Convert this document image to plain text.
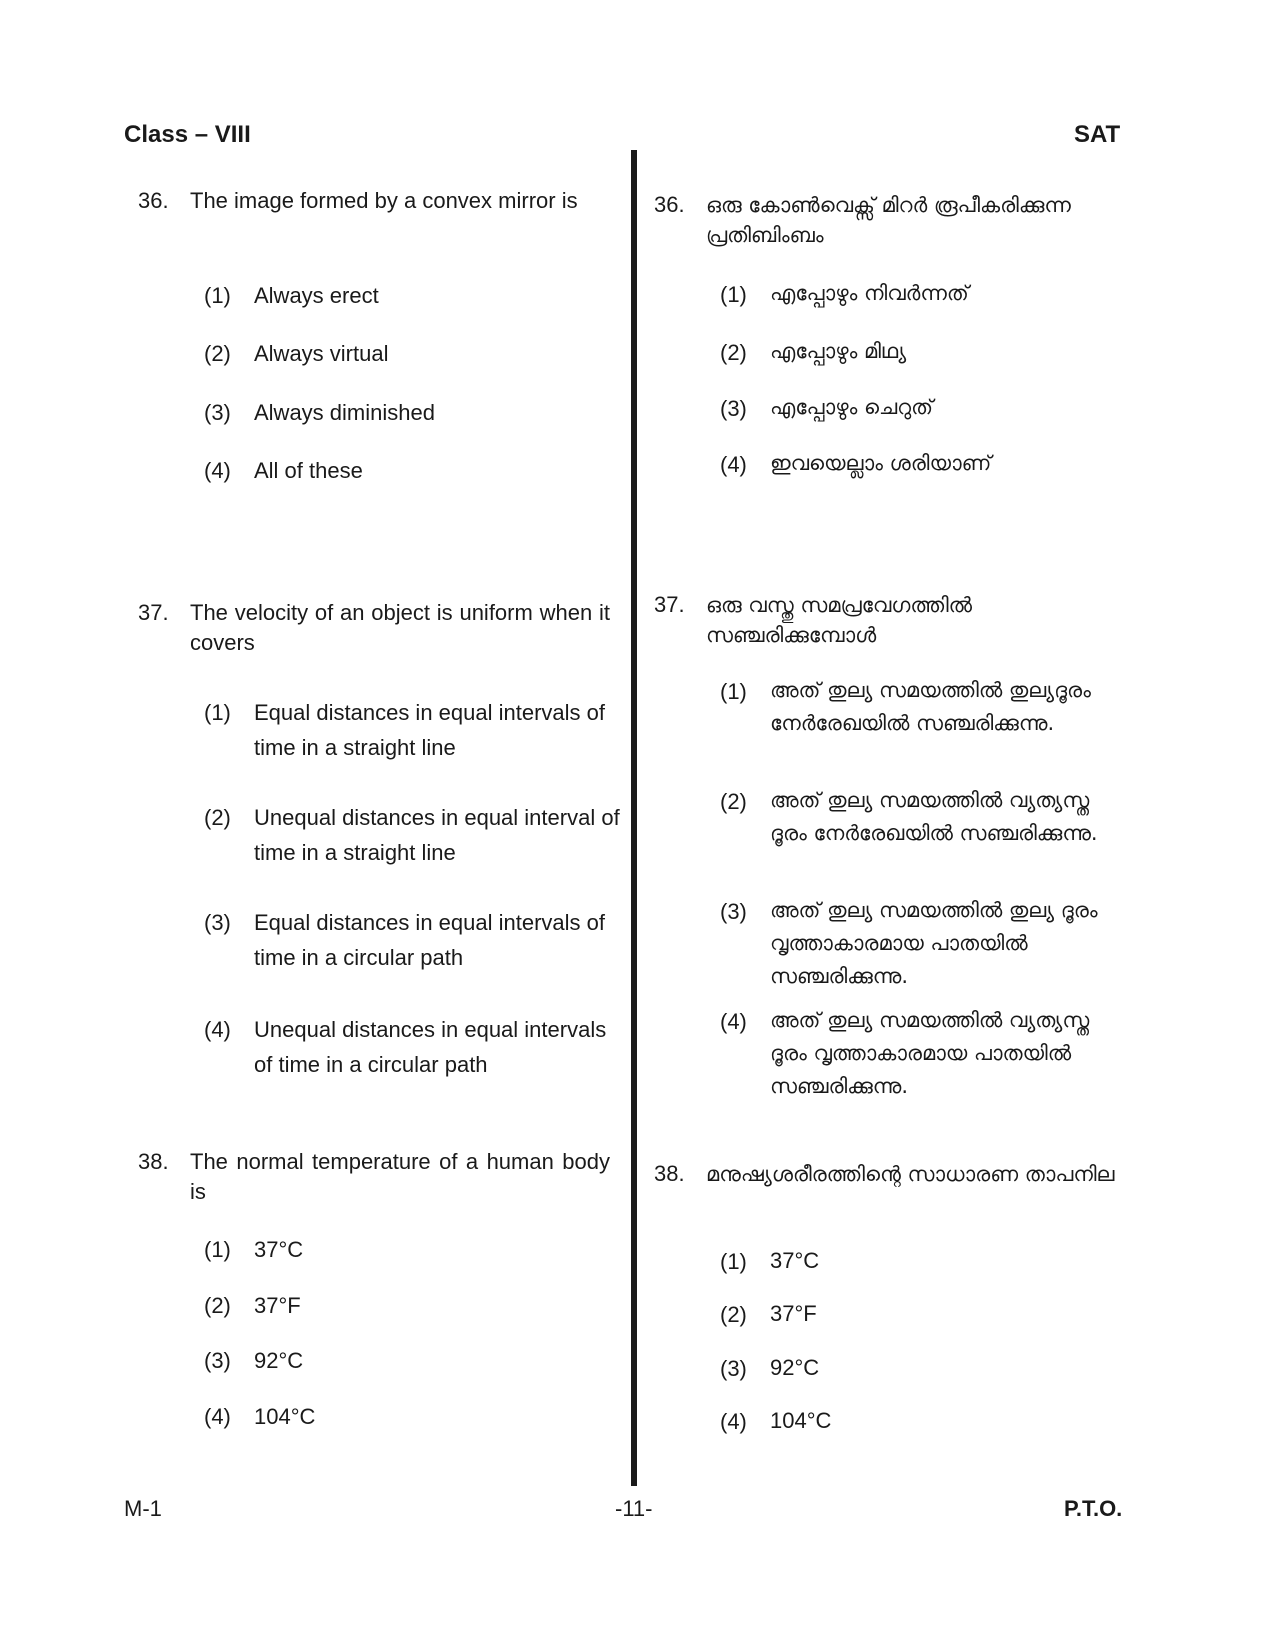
Class – VIII	SAT
36. The image formed by a convex mirror is
(1)	Always erect
(2)	Always virtual
(3)	Always diminished
(4)	All of these
37. The velocity of an object is uniform when it covers
(1)	Equal distances in equal intervals of time in a straight line
(2)	Unequal distances in equal interval of time in a straight line
(3)	Equal distances in equal intervals of time in a circular path
(4)	Unequal distances in equal intervals of time in a circular path
38. The normal temperature of a human body is
(1)	37°C
(2)	37°F
(3)	92°C
(4)	104°C
36.	ഒരു കോൺവെക്സ് മിറർ രൂപീകരിക്കുന്ന പ്രതിബിംബം
(1)	എപ്പോഴും നിവർന്നത്
(2)	എപ്പോഴും മിഥ്യ
(3)	എപ്പോഴും ചെറുത്
(4)	ഇവയെല്ലാം ശരിയാണ്
37.	ഒരു വസ്തു സമപ്രവേഗത്തിൽ സഞ്ചരിക്കുമ്പോൾ
(1)	അത് തുല്യ സമയത്തിൽ തുല്യദൂരം നേർരേഖയിൽ സഞ്ചരിക്കുന്നു.
(2)	അത് തുല്യ സമയത്തിൽ വ്യത്യസ്ത ദൂരം നേർരേഖയിൽ സഞ്ചരിക്കുന്നു.
(3)	അത് തുല്യ സമയത്തിൽ തുല്യ ദൂരം വൃത്താകാരമായ പാതയിൽ സഞ്ചരിക്കുന്നു.
(4)	അത് തുല്യ സമയത്തിൽ വ്യത്യസ്ത ദൂരം വൃത്താകാരമായ പാതയിൽ സഞ്ചരിക്കുന്നു.
38.	മനുഷ്യശരീരത്തിന്റെ സാധാരണ താപനില
(1)	37°C
(2)	37°F
(3)	92°C
(4)	104°C
M-1	-11-	P.T.O.
